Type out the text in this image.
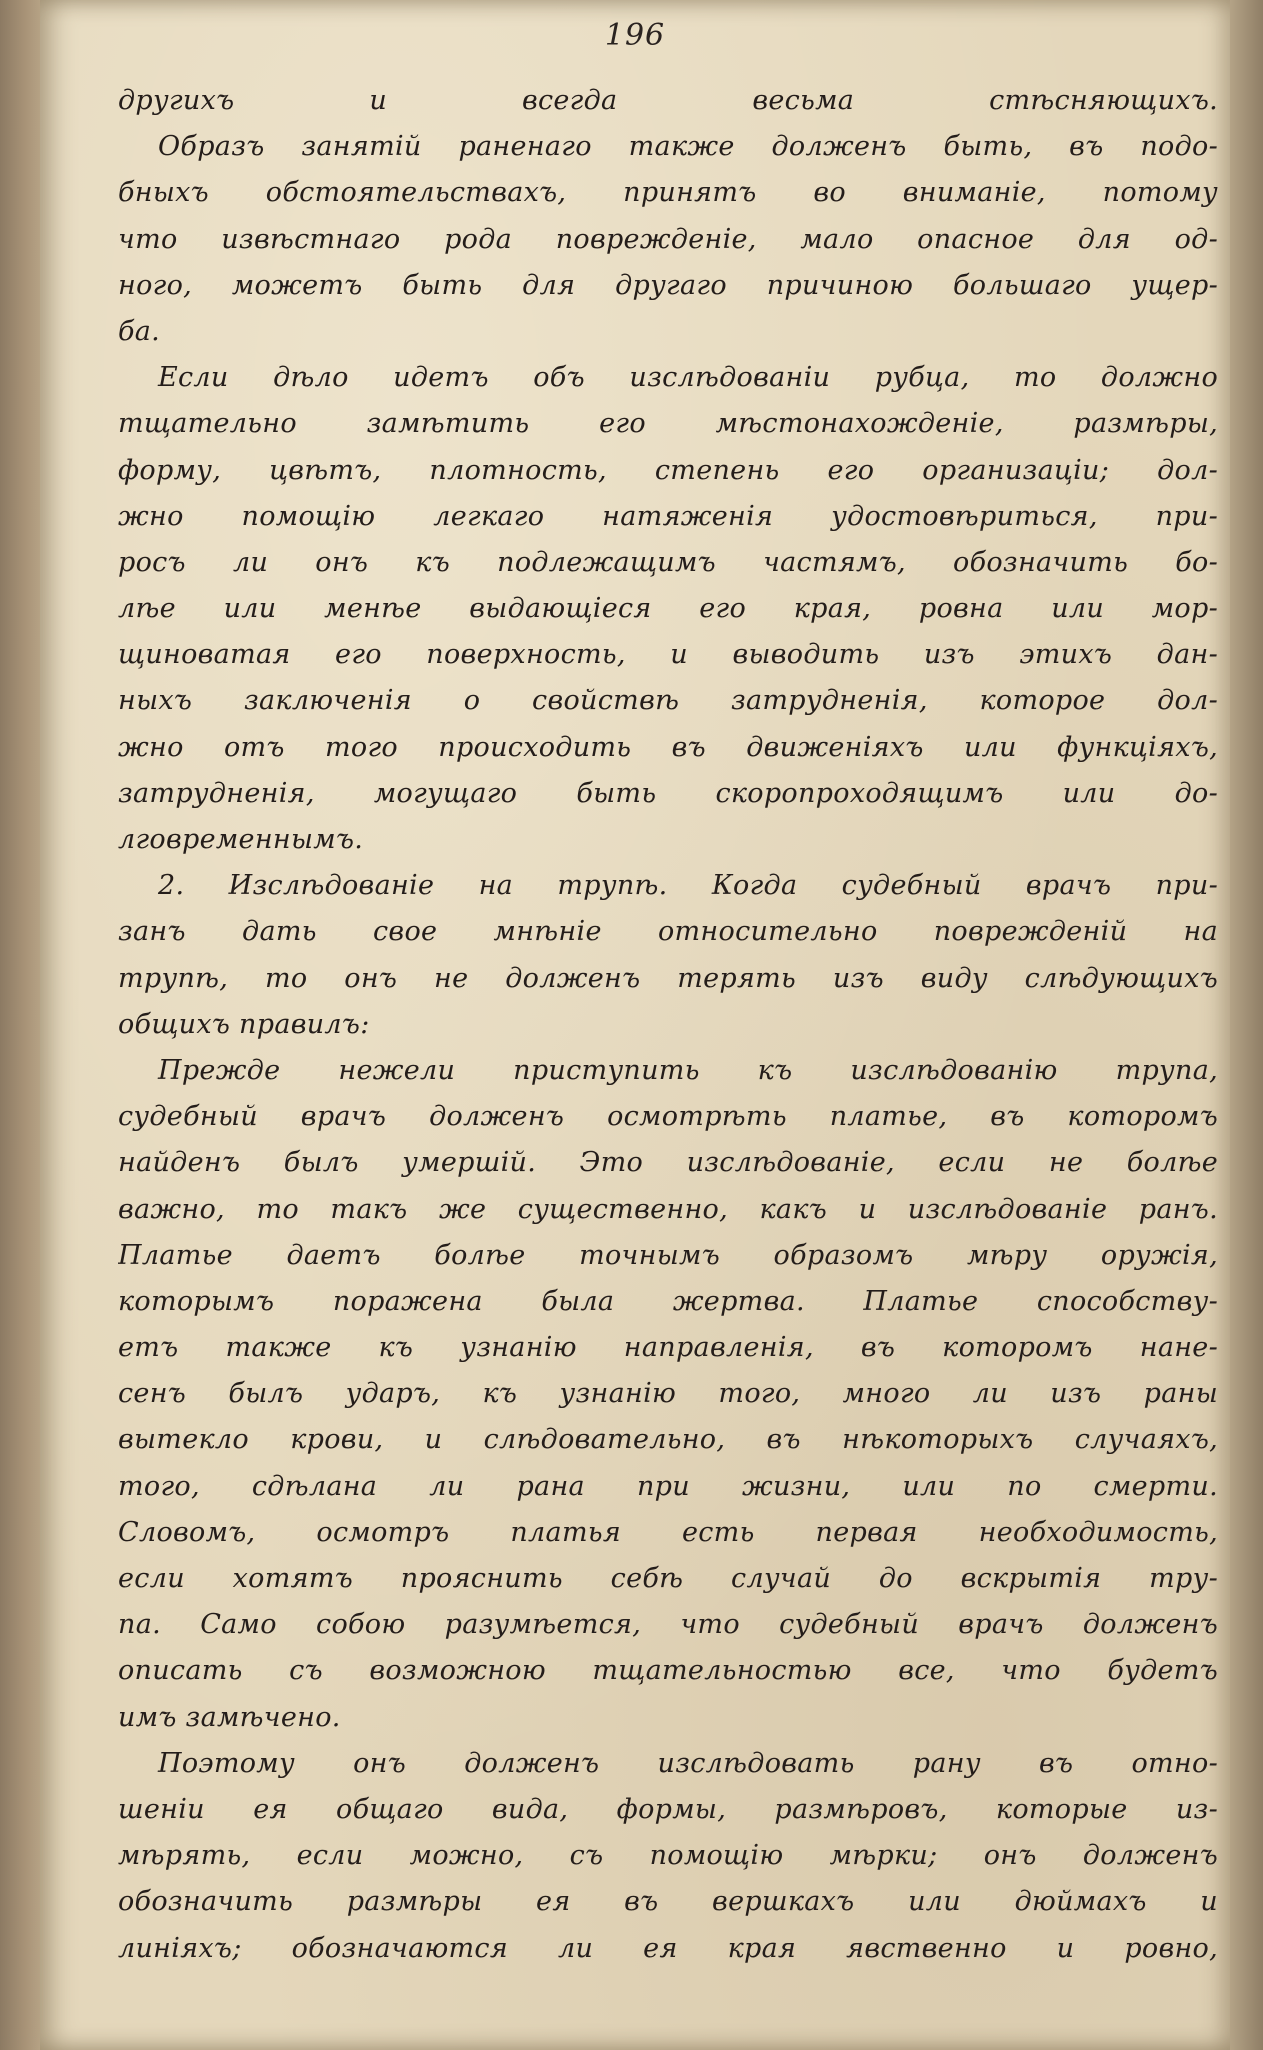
196
другихъ и всегда весьма стѣсняющихъ.
Образъ занятій раненаго также долженъ быть, въ подо-
бныхъ обстоятельствахъ, принятъ во вниманіе, потому
что извѣстнаго рода поврежденіе, мало опасное для од-
ного, можетъ быть для другаго причиною большаго ущер-
ба.
Если дѣло идетъ объ изслѣдованіи рубца, то должно
тщательно замѣтить его мѣстонахожденіе, размѣры,
форму, цвѣтъ, плотность, степень его организаціи; дол-
жно помощію легкаго натяженія удостовѣриться, при-
росъ ли онъ къ подлежащимъ частямъ, обозначить бо-
лѣе или менѣе выдающіеся его края, ровна или мор-
щиноватая его поверхность, и выводить изъ этихъ дан-
ныхъ заключенія о свойствѣ затрудненія, которое дол-
жно отъ того происходить въ движеніяхъ или функціяхъ,
затрудненія, могущаго быть скоропроходящимъ или до-
лговременнымъ.
2. Изслѣдованіе на трупѣ. Когда судебный врачъ при-
занъ дать свое мнѣніе относительно поврежденій на
трупѣ, то онъ не долженъ терять изъ виду слѣдующихъ
общихъ правилъ:
Прежде нежели приступить къ изслѣдованію трупа,
судебный врачъ долженъ осмотрѣть платье, въ которомъ
найденъ былъ умершій. Это изслѣдованіе, если не болѣе
важно, то такъ же существенно, какъ и изслѣдованіе ранъ.
Платье даетъ болѣе точнымъ образомъ мѣру оружія,
которымъ поражена была жертва. Платье способству-
етъ также къ узнанію направленія, въ которомъ нане-
сенъ былъ ударъ, къ узнанію того, много ли изъ раны
вытекло крови, и слѣдовательно, въ нѣкоторыхъ случаяхъ,
того, сдѣлана ли рана при жизни, или по смерти.
Словомъ, осмотръ платья есть первая необходимость,
если хотятъ прояснить себѣ случай до вскрытія тру-
па. Само собою разумѣется, что судебный врачъ долженъ
описать съ возможною тщательностью все, что будетъ
имъ замѣчено.
Поэтому онъ долженъ изслѣдовать рану въ отно-
шеніи ея общаго вида, формы, размѣровъ, которые из-
мѣрять, если можно, съ помощію мѣрки; онъ долженъ
обозначить размѣры ея въ вершкахъ или дюймахъ и
линіяхъ; обозначаются ли ея края явственно и ровно,
